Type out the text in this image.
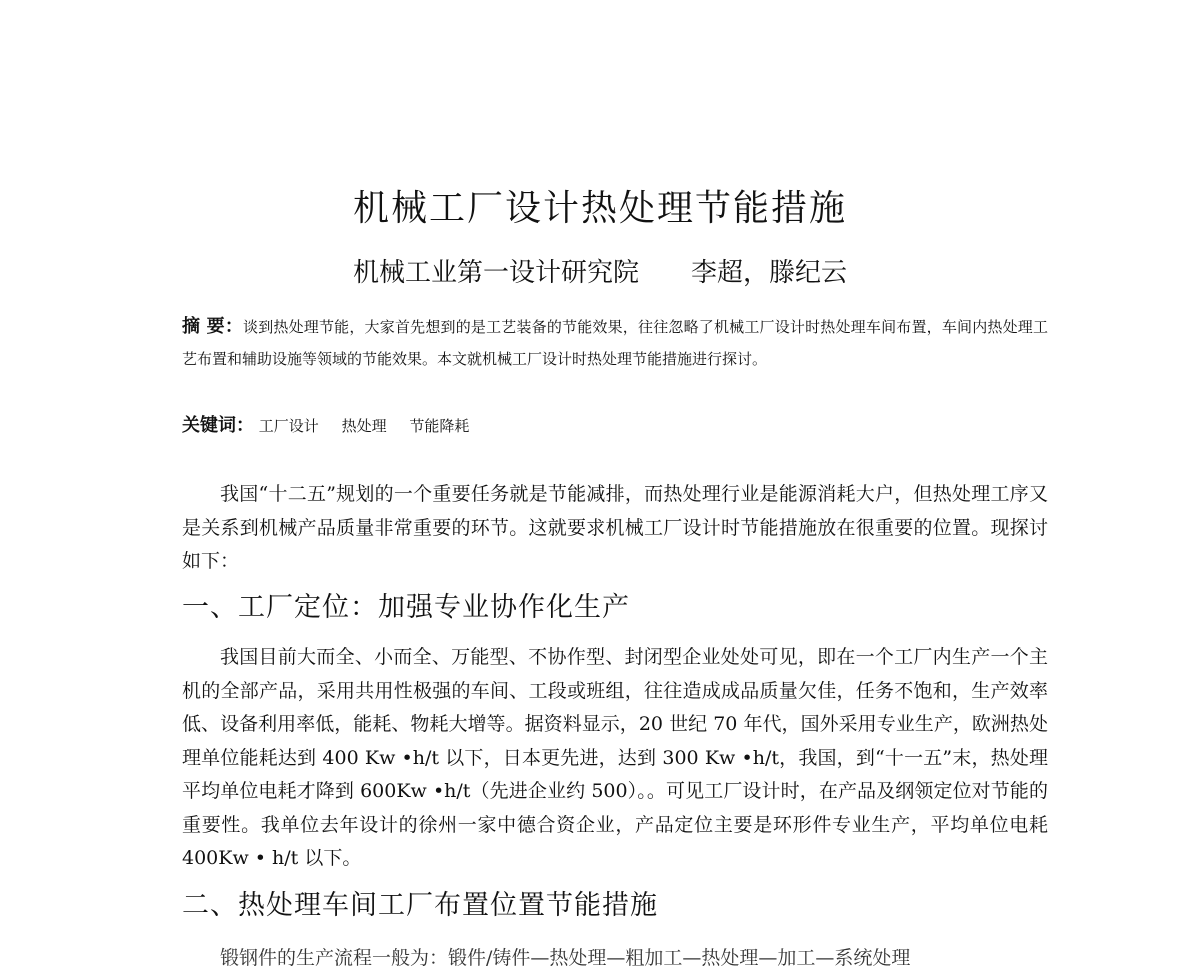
机械工厂设计热处理节能措施
机械工业第一设计研究院 李超，滕纪云
摘 要：谈到热处理节能，大家首先想到的是工艺装备的节能效果，往往忽略了机械工厂设计时热处理车间布置，车间内热处理工艺布置和辅助设施等领域的节能效果。本文就机械工厂设计时热处理节能措施进行探讨。
关键词： 工厂设计 热处理 节能降耗
我国“十二五”规划的一个重要任务就是节能减排，而热处理行业是能源消耗大户，但热处理工序又是关系到机械产品质量非常重要的环节。这就要求机械工厂设计时节能措施放在很重要的位置。现探讨如下：
一、工厂定位：加强专业协作化生产
我国目前大而全、小而全、万能型、不协作型、封闭型企业处处可见，即在一个工厂内生产一个主机的全部产品，采用共用性极强的车间、工段或班组，往往造成成品质量欠佳，任务不饱和，生产效率低、设备利用率低，能耗、物耗大增等。据资料显示，20 世纪 70 年代，国外采用专业生产，欧洲热处理单位能耗达到 400 Kw •h/t 以下，日本更先进，达到 300 Kw •h/t，我国，到“十一五”末，热处理平均单位电耗才降到 600Kw •h/t（先进企业约 500）。。可见工厂设计时，在产品及纲领定位对节能的重要性。我单位去年设计的徐州一家中德合资企业，产品定位主要是环形件专业生产，平均单位电耗 400Kw • h/t 以下。
二、热处理车间工厂布置位置节能措施
锻钢件的生产流程一般为：锻件/铸件—热处理—粗加工—热处理—加工—系统处理
